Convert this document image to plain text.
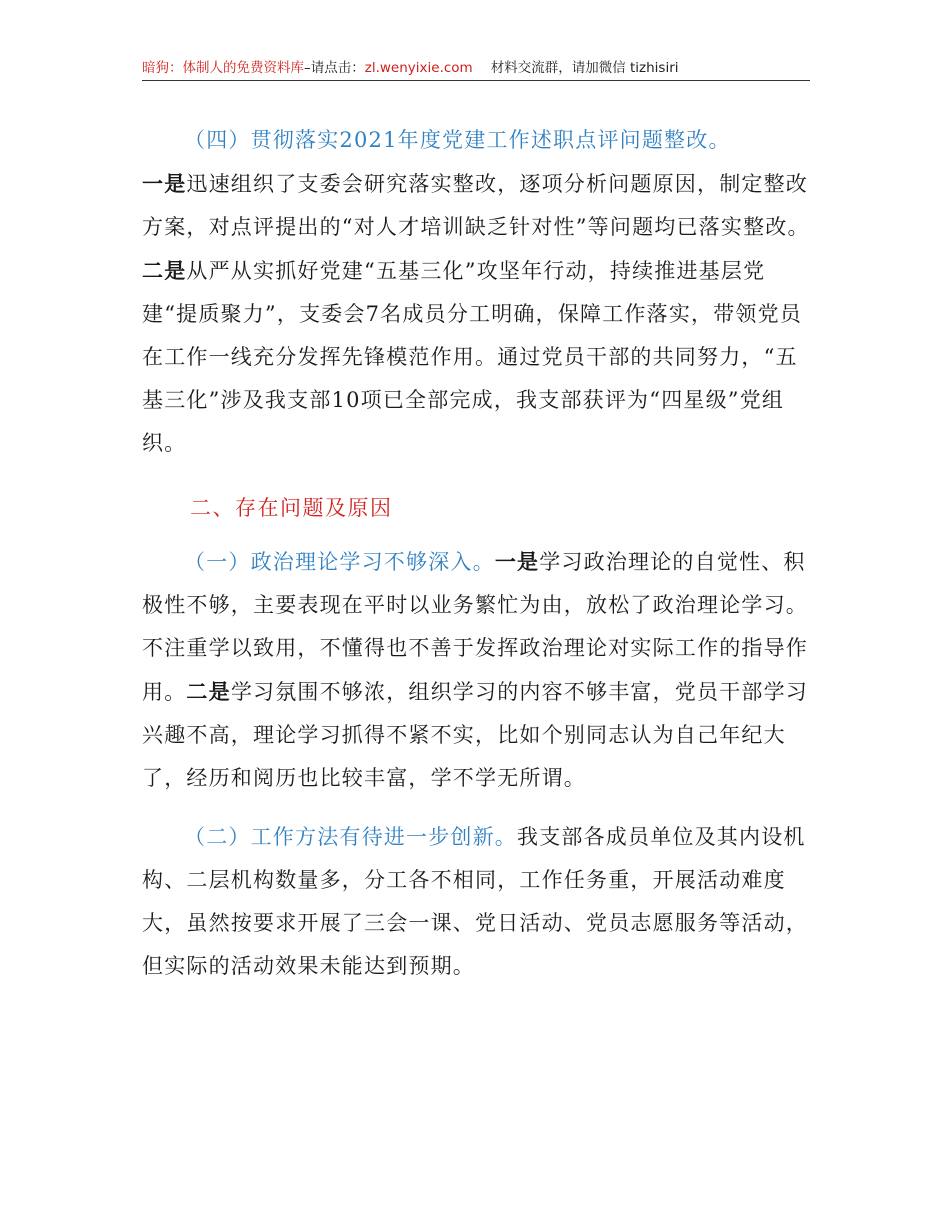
暗狗：体制人的免费资料库–请点击：zl.wenyixie.com 材料交流群，请加微信 tizhisiri

（四）贯彻落实2021年度党建工作述职点评问题整改。
一是迅速组织了支委会研究落实整改，逐项分析问题原因，制定整改方案，对点评提出的“对人才培训缺乏针对性”等问题均已落实整改。二是从严从实抓好党建“五基三化”攻坚年行动，持续推进基层党建“提质聚力”，支委会7名成员分工明确，保障工作落实，带领党员在工作一线充分发挥先锋模范作用。通过党员干部的共同努力，“五基三化”涉及我支部10项已全部完成，我支部获评为“四星级”党组织。

二、存在问题及原因

（一）政治理论学习不够深入。一是学习政治理论的自觉性、积极性不够，主要表现在平时以业务繁忙为由，放松了政治理论学习。不注重学以致用，不懂得也不善于发挥政治理论对实际工作的指导作用。二是学习氛围不够浓，组织学习的内容不够丰富，党员干部学习兴趣不高，理论学习抓得不紧不实，比如个别同志认为自己年纪大了，经历和阅历也比较丰富，学不学无所谓。

（二）工作方法有待进一步创新。我支部各成员单位及其内设机构、二层机构数量多，分工各不相同，工作任务重，开展活动难度大，虽然按要求开展了三会一课、党日活动、党员志愿服务等活动，但实际的活动效果未能达到预期。
